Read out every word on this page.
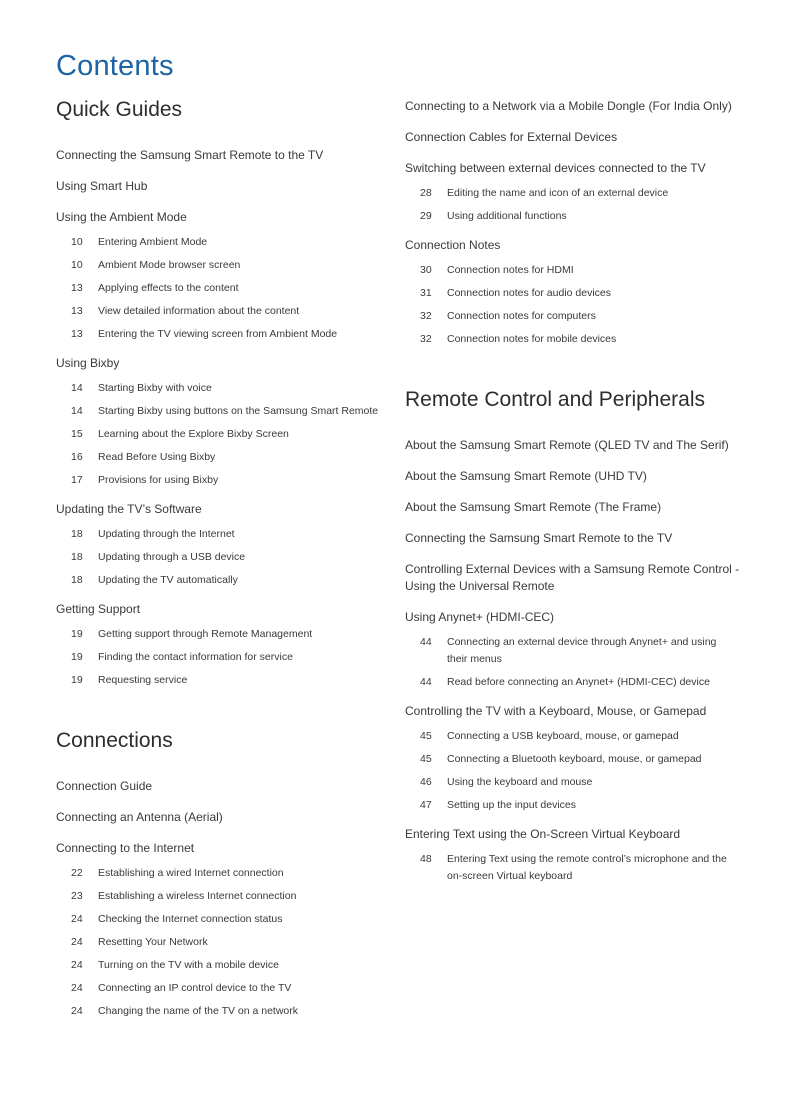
Contents
Quick Guides
Connecting the Samsung Smart Remote to the TV
Using Smart Hub
Using the Ambient Mode
10 Entering Ambient Mode
10 Ambient Mode browser screen
13 Applying effects to the content
13 View detailed information about the content
13 Entering the TV viewing screen from Ambient Mode
Using Bixby
14 Starting Bixby with voice
14 Starting Bixby using buttons on the Samsung Smart Remote
15 Learning about the Explore Bixby Screen
16 Read Before Using Bixby
17 Provisions for using Bixby
Updating the TV’s Software
18 Updating through the Internet
18 Updating through a USB device
18 Updating the TV automatically
Getting Support
19 Getting support through Remote Management
19 Finding the contact information for service
19 Requesting service
Connections
Connection Guide
Connecting an Antenna (Aerial)
Connecting to the Internet
22 Establishing a wired Internet connection
23 Establishing a wireless Internet connection
24 Checking the Internet connection status
24 Resetting Your Network
24 Turning on the TV with a mobile device
24 Connecting an IP control device to the TV
24 Changing the name of the TV on a network
Connecting to a Network via a Mobile Dongle (For India Only)
Connection Cables for External Devices
Switching between external devices connected to the TV
28 Editing the name and icon of an external device
29 Using additional functions
Connection Notes
30 Connection notes for HDMI
31 Connection notes for audio devices
32 Connection notes for computers
32 Connection notes for mobile devices
Remote Control and Peripherals
About the Samsung Smart Remote (QLED TV and The Serif)
About the Samsung Smart Remote (UHD TV)
About the Samsung Smart Remote (The Frame)
Connecting the Samsung Smart Remote to the TV
Controlling External Devices with a Samsung Remote Control -
Using the Universal Remote
Using Anynet+ (HDMI-CEC)
44 Connecting an external device through Anynet+ and using
their menus
44 Read before connecting an Anynet+ (HDMI-CEC) device
Controlling the TV with a Keyboard, Mouse, or Gamepad
45 Connecting a USB keyboard, mouse, or gamepad
45 Connecting a Bluetooth keyboard, mouse, or gamepad
46 Using the keyboard and mouse
47 Setting up the input devices
Entering Text using the On-Screen Virtual Keyboard
48 Entering Text using the remote control’s microphone and the
on-screen Virtual keyboard
